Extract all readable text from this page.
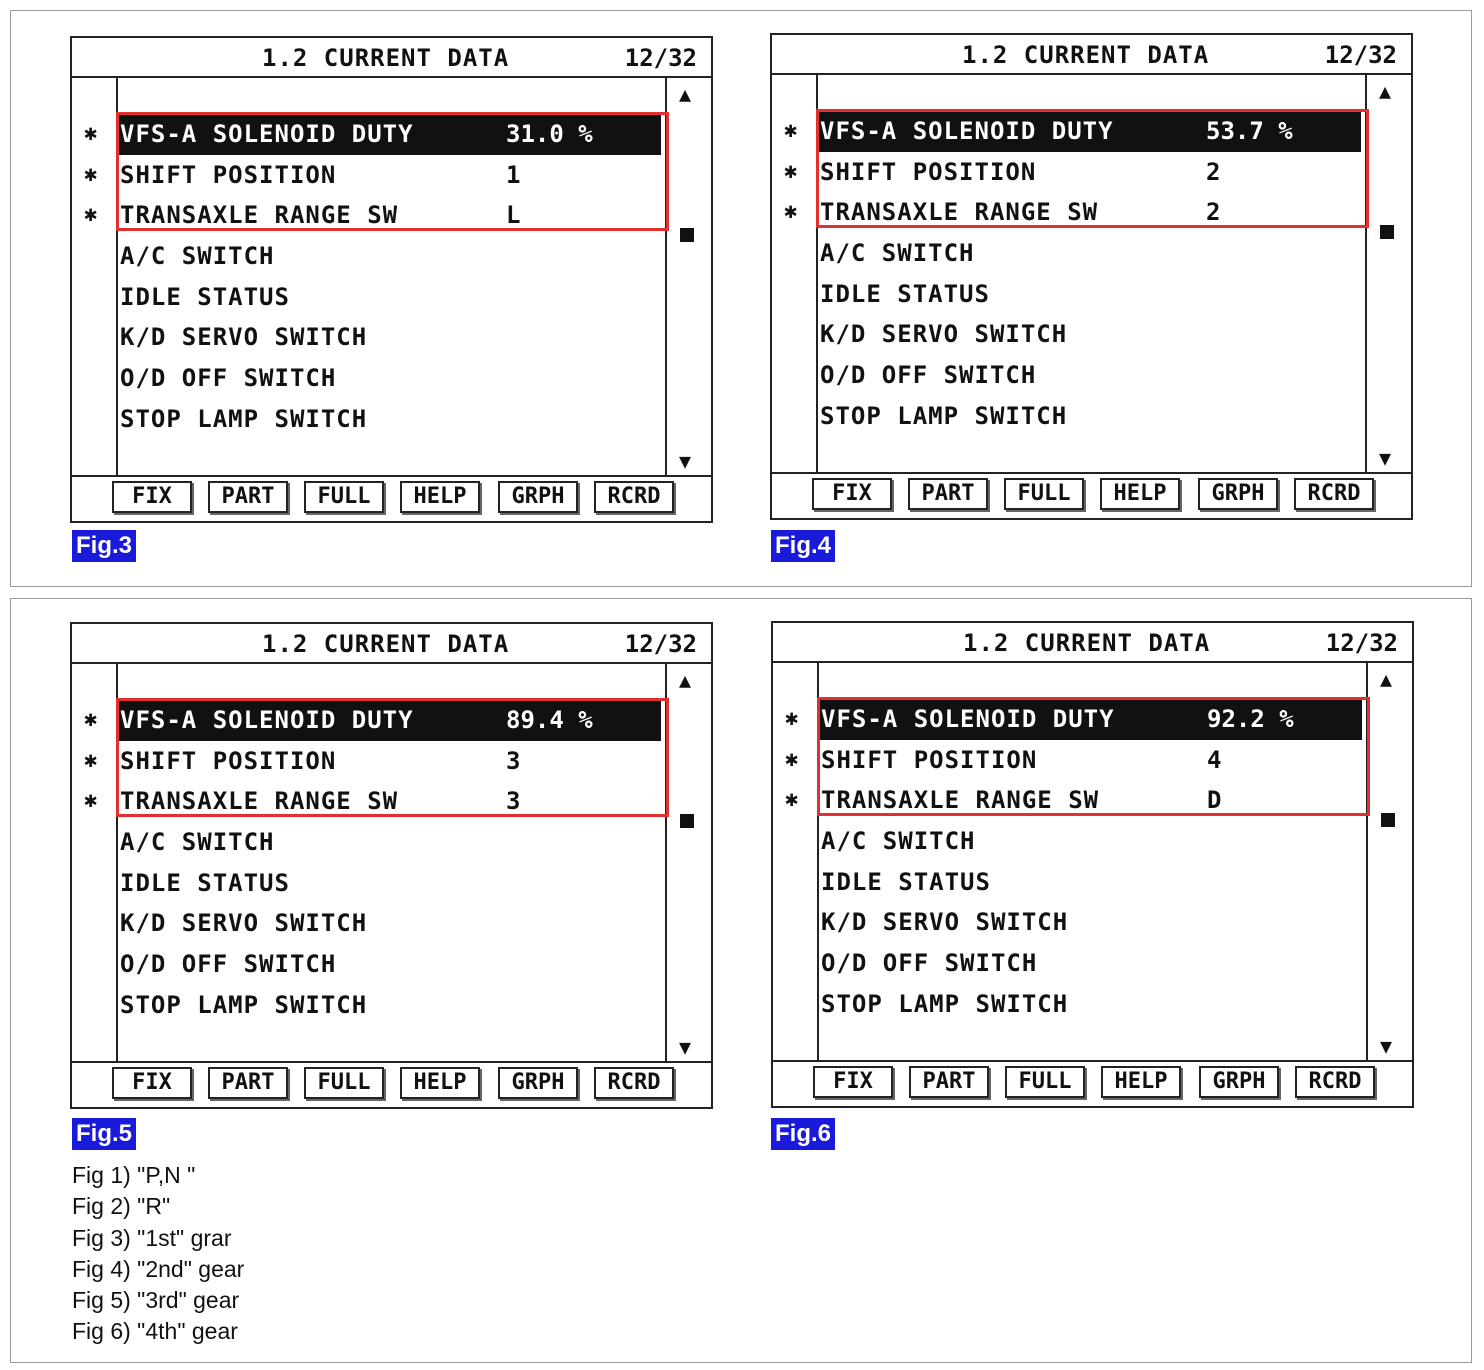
1.2 CURRENT DATA	12/32
▲
▼
✱ VFS-A SOLENOID DUTY	31.0 %
✱ SHIFT POSITION	1
✱ TRANSAXLE RANGE SW	L
A/C SWITCH
IDLE STATUS
K/D SERVO SWITCH
O/D OFF SWITCH
STOP LAMP SWITCH
FIX	PART	FULL	HELP	GRPH	RCRD
1.2 CURRENT DATA	12/32
▲
▼
✱ VFS-A SOLENOID DUTY	53.7 %
✱ SHIFT POSITION	2
✱ TRANSAXLE RANGE SW	2
A/C SWITCH
IDLE STATUS
K/D SERVO SWITCH
O/D OFF SWITCH
STOP LAMP SWITCH
FIX	PART	FULL	HELP	GRPH	RCRD
1.2 CURRENT DATA	12/32
▲
▼
✱ VFS-A SOLENOID DUTY	89.4 %
✱ SHIFT POSITION	3
✱ TRANSAXLE RANGE SW	3
A/C SWITCH
IDLE STATUS
K/D SERVO SWITCH
O/D OFF SWITCH
STOP LAMP SWITCH
FIX	PART	FULL	HELP	GRPH	RCRD
1.2 CURRENT DATA	12/32
▲
▼
✱ VFS-A SOLENOID DUTY	92.2 %
✱ SHIFT POSITION	4
✱ TRANSAXLE RANGE SW	D
A/C SWITCH
IDLE STATUS
K/D SERVO SWITCH
O/D OFF SWITCH
STOP LAMP SWITCH
FIX	PART	FULL	HELP	GRPH	RCRD
Fig.3	Fig.4
Fig.5	Fig.6
Fig 1) "P,N "
Fig 2) "R"
Fig 3) "1st" grar
Fig 4) "2nd" gear
Fig 5) "3rd" gear
Fig 6) "4th" gear
